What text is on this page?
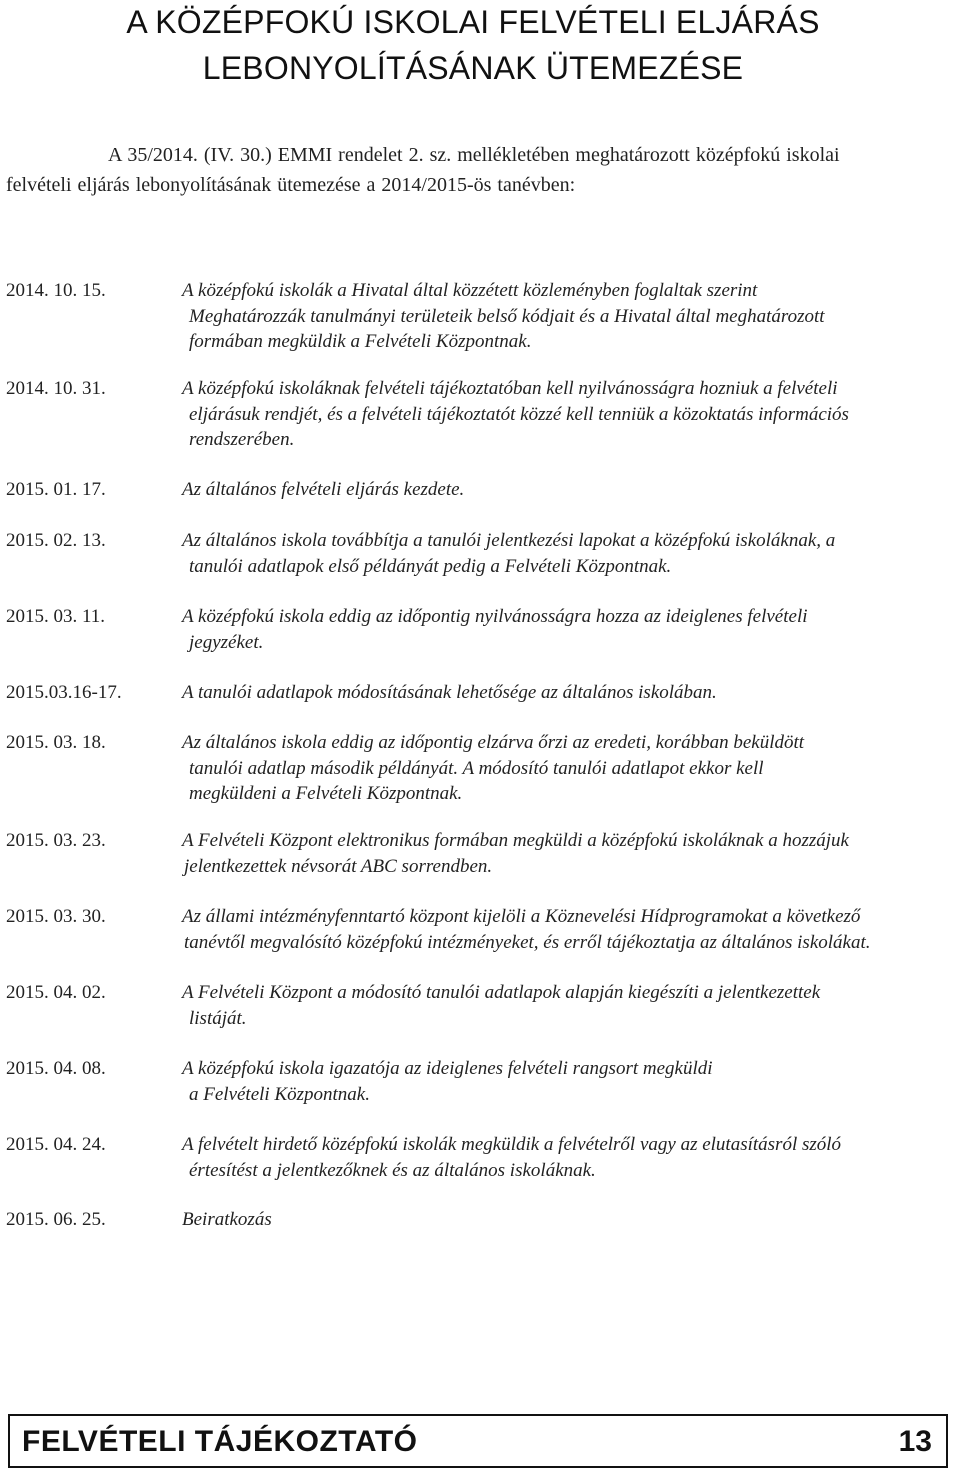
A KÖZÉPFOKÚ ISKOLAI FELVÉTELI ELJÁRÁS
LEBONYOLÍTÁSÁNAK ÜTEMEZÉSE
A 35/2014. (IV. 30.) EMMI rendelet 2. sz. mellékletében meghatározott középfokú iskolai
felvételi eljárás lebonyolításának ütemezése a 2014/2015-ös tanévben:
2014. 10. 15.	A középfokú iskolák a Hivatal által közzétett közleményben foglaltak szerint
Meghatározzák tanulmányi területeik belső kódjait és a Hivatal által meghatározott
formában megküldik a Felvételi Központnak.
2014. 10. 31.	A középfokú iskoláknak felvételi tájékoztatóban kell nyilvánosságra hozniuk a felvételi
eljárásuk rendjét, és a felvételi tájékoztatót közzé kell tenniük a közoktatás információs
rendszerében.
2015. 01. 17.	Az általános felvételi eljárás kezdete.
2015. 02. 13.	Az általános iskola továbbítja a tanulói jelentkezési lapokat a középfokú iskoláknak, a
tanulói adatlapok első példányát pedig a Felvételi Központnak.
2015. 03. 11.	A középfokú iskola eddig az időpontig nyilvánosságra hozza az ideiglenes felvételi
jegyzéket.
2015.03.16-17.	A tanulói adatlapok módosításának lehetősége az általános iskolában.
2015. 03. 18.	Az általános iskola eddig az időpontig elzárva őrzi az eredeti, korábban beküldött
tanulói adatlap második példányát. A módosító tanulói adatlapot ekkor kell
megküldeni a Felvételi Központnak.
2015. 03. 23.	A Felvételi Központ elektronikus formában megküldi a középfokú iskoláknak a hozzájuk
jelentkezettek névsorát ABC sorrendben.
2015. 03. 30.	Az állami intézményfenntartó központ kijelöli a Köznevelési Hídprogramokat a következő
tanévtől megvalósító középfokú intézményeket, és erről tájékoztatja az általános iskolákat.
2015. 04. 02.	A Felvételi Központ a módosító tanulói adatlapok alapján kiegészíti a jelentkezettek
listáját.
2015. 04. 08.	A középfokú iskola igazatója az ideiglenes felvételi rangsort megküldi
a Felvételi Központnak.
2015. 04. 24.	A felvételt hirdető középfokú iskolák megküldik a felvételről vagy az elutasításról szóló
értesítést a jelentkezőknek és az általános iskoláknak.
2015. 06. 25.	Beiratkozás
FELVÉTELI TÁJÉKOZTATÓ	13
